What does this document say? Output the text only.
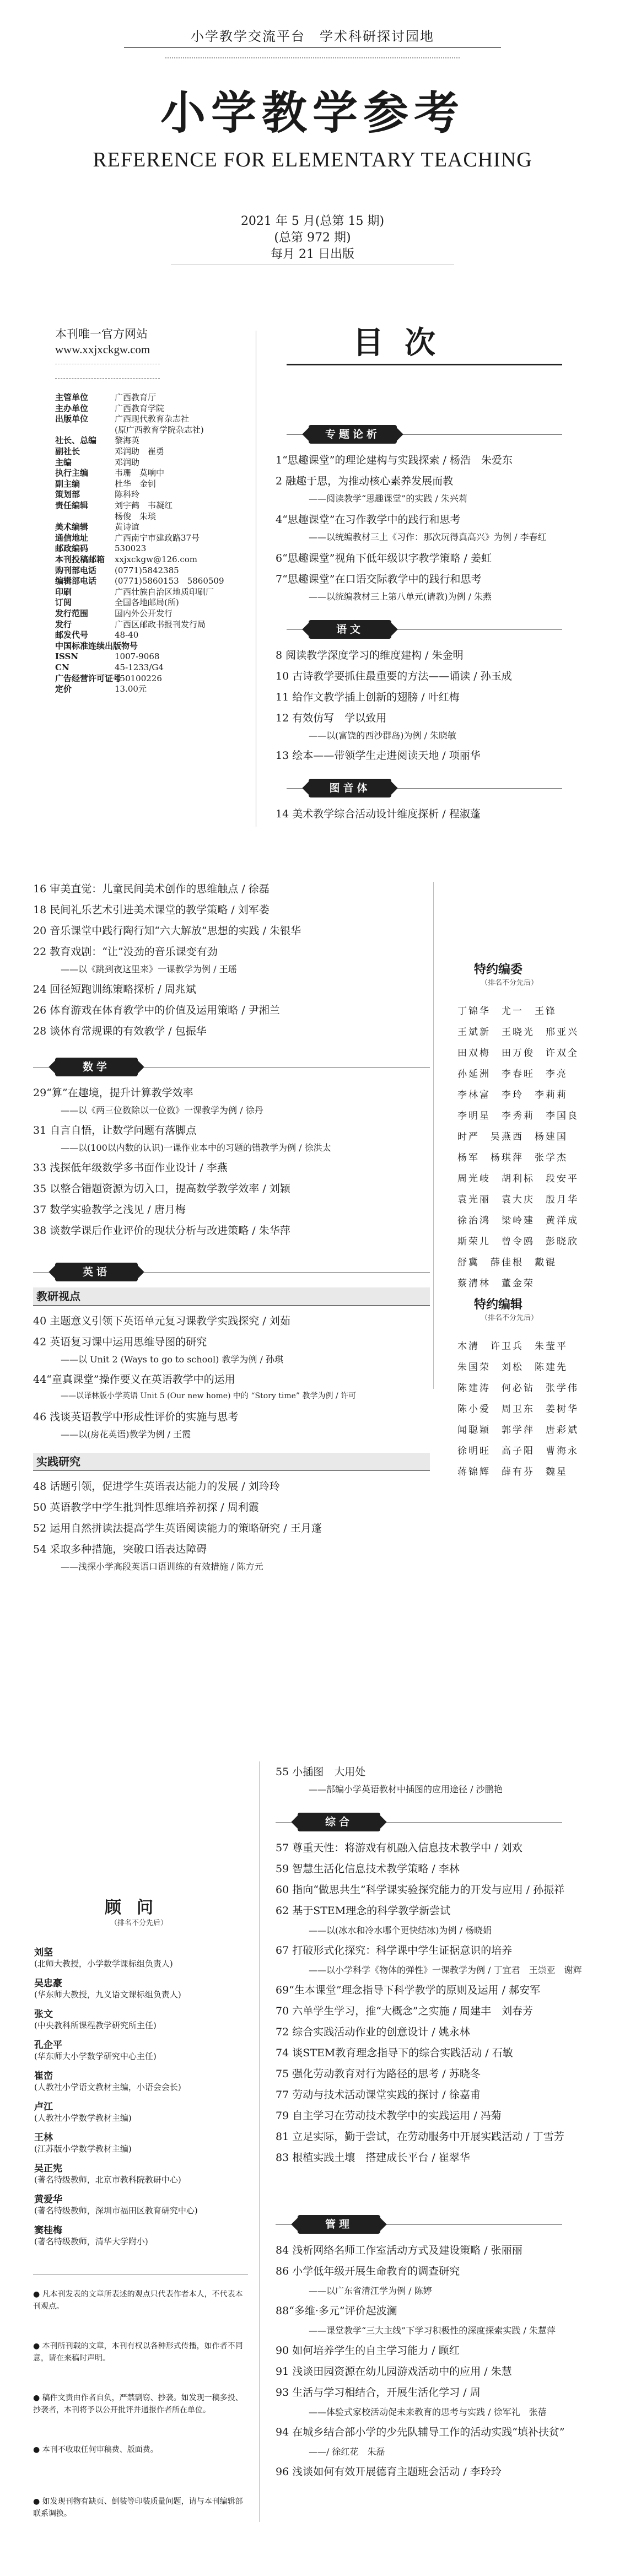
小学教学交流平台　学术科研探讨园地
小学教学参考
REFERENCE FOR ELEMENTARY TEACHING
2021 年 5 月(总第 15 期)
(总第 972 期)
每月 21 日出版
本刊唯一官方网站
www.xxjxckgw.com
主管单位	广西教育厅
主办单位	广西教育学院
出版单位	广西现代教育杂志社
(原广西教育学院杂志社)
社长、总编 黎海英
副社长	邓润助　崔勇
主编	邓润助
执行主编	韦珊　莫响中
副主编	杜华　金钊
策划部	陈科玲
责任编辑	刘宇鹤　韦凝红
杨俊　朱琰
美术编辑	黄诗谊
通信地址	广西南宁市建政路37号
邮政编码	530023
本刊投稿邮箱 xxjxckgw@126.com
购刊部电话 (0771)5842385
编辑部电话 (0771)5860153　5860509
印刷	广西壮族自治区地质印刷厂
订阅	全国各地邮局(所)
发行范围	国内外公开发行
发行	广西区邮政书报刊发行局
邮发代号	48-40
中国标准连续出版物号
ISSN	1007-9068
CN	45-1233/G4
广告经营许可证号450100226
定价	13.00元
目次
专题论析
1“思趣课堂”的理论建构与实践探索 / 杨浩　朱爱东
2 融趣于思，为推动核心素养发展而教
——阅读教学“思趣课堂”的实践 / 朱兴莉
4“思趣课堂”在习作教学中的践行和思考
——以统编教材三上《习作：那次玩得真高兴》为例 / 李春红
6“思趣课堂”视角下低年级识字教学策略 / 姜虹
7“思趣课堂”在口语交际教学中的践行和思考
——以统编教材三上第八单元(请教)为例 / 朱燕
语文
8 阅读教学深度学习的维度建构 / 朱金明
10 古诗教学要抓住最重要的方法——诵读 / 孙玉成
11 给作文教学插上创新的翅膀 / 叶红梅
12 有效仿写　学以致用
——以(富饶的西沙群岛)为例 / 朱晓敏
13 绘本——带领学生走进阅读天地 / 项丽华
图音体
14 美术教学综合活动设计维度探析 / 程淑蓬
16 审美直觉：儿童民间美术创作的思维触点 / 徐磊
18 民间礼乐艺术引进美术课堂的教学策略 / 刘军娄
20 音乐课堂中践行陶行知“六大解放”思想的实践 / 朱银华
22 教育戏剧：“让”没劲的音乐课变有劲
——以《跳到夜这里来》一课教学为例 / 王瑶
24 回径短跑训练策略探析 / 周兆斌
26 体育游戏在体育教学中的价值及运用策略 / 尹湘兰
28 谈体育常规课的有效教学 / 包振华
数学
29“算”在趣境，提升计算教学效率
——以《两三位数除以一位数》一课教学为例 / 徐丹
31 自言自悟，让数学问题有落脚点
——以(100以内数的认识)一课作业本中的习题的错教学为例 / 徐洪太
33 浅探低年级数学多书面作业设计 / 李燕
35 以整合错题资源为切入口，提高数学教学效率 / 刘颖
37 数学实验教学之浅见 / 唐月梅
38 谈数学课后作业评价的现状分析与改进策略 / 朱华萍
英语
教研视点
40 主题意义引领下英语单元复习课教学实践探究 / 刘茹
42 英语复习课中运用思维导图的研究
——以 Unit 2 (Ways to go to school) 教学为例 / 孙琪
44“童真课堂”操作要义在英语教学中的运用
——以译林版小学英语 Unit 5 (Our new home) 中的 “Story time” 教学为例 / 许可
46 浅谈英语教学中形成性评价的实施与思考
——以(房花英语)教学为例 / 王霞
实践研究
48 话题引领，促进学生英语表达能力的发展 / 刘玲玲
50 英语教学中学生批判性思维培养初探 / 周利霞
52 运用自然拼读法提高学生英语阅读能力的策略研究 / 王月蓬
54 采取多种措施，突破口语表达障碍
——浅探小学高段英语口语训练的有效措施 / 陈方元
特约编委
（排名不分先后）
丁锦华　尤一　王锋
王斌新　王晓光　邢亚兴
田双梅　田万俊　许双全
孙延洲　李春旺　李亮
李林富　李玲　李莉莉
李明星　李秀莉　李国良
时严　吴燕西　杨建国
杨军　杨琪萍　张学杰
周光岐　胡利标　段安平
袁光丽　袁大庆　殷月华
徐治鸿　梁岭建　黄洋成
斯荣儿　曾令鸥　彭晓欣
舒冀　薛佳根　戴锟
蔡清林　董金荣
特约编辑
（排名不分先后）
木清　许卫兵　朱莹平
朱国荣　刘松　陈建先
陈建涛　何必钻　张学伟
陈小爱　周卫东　姜树华
闻聪颖　郭学萍　唐彩斌
徐明旺　高子阳　曹海永
蒋锦辉　薛有芬　魏星
顾问
（排名不分先后）
刘坚
(北师大教授，小学数学课标组负责人)
吴忠豪
(华东师大教授，九义语文课标组负责人)
张文
(中央教科所课程教学研究所主任)
孔企平
(华东师大小学数学研究中心主任)
崔峦
(人教社小学语文教材主编，小语会会长)
卢江
(人教社小学数学教材主编)
王林
(江苏版小学数学教材主编)
吴正宪
(著名特级教师，北京市教科院教研中心)
黄爱华
(著名特级教师，深圳市福田区教育研究中心)
窦桂梅
(著名特级教师，清华大学附小)
● 凡本刊发表的文章所表述的观点只代表作者本人，不代表本刊观点。
● 本刊所刊载的文章，本刊有权以各种形式传播，如作者不同意，请在来稿时声明。
● 稿件文责由作者自负，严禁剽窃、抄袭。如发现一稿多投、抄袭者，本刊将予以公开批评并通报作者所在单位。
● 本刊不收取任何审稿费、版面费。
● 如发现刊物有缺页、倒装等印装质量问题，请与本刊编辑部联系调换。
55 小插图　大用处
——部编小学英语教材中插图的应用途径 / 沙鹏艳
综合
57 尊重天性：将游戏有机融入信息技术教学中 / 刘欢
59 智慧生活化信息技术教学策略 / 李林
60 指向“做思共生”科学课实验探究能力的开发与应用 / 孙振祥
62 基于STEM理念的科学教学新尝试
——以(冰水和冷水哪个更快结冰)为例 / 杨晓娟
67 打破形式化探究：科学课中学生证据意识的培养
——以小学科学《物体的弹性》一课教学为例 / 丁宜君　王崇亚　谢辉
69“生本课堂”理念指导下科学教学的原则及运用 / 郝安军
70 六单学生学习，推“大概念”之实施 / 周建丰　刘春芳
72 综合实践活动作业的创意设计 / 姚永林
74 谈STEM教育理念指导下的综合实践活动 / 石敏
75 强化劳动教育对行为路径的思考 / 苏晓冬
77 劳动与技术活动课堂实践的探讨 / 徐嘉甫
79 自主学习在劳动技术教学中的实践运用 / 冯菊
81 立足实际，勤于尝试，在劳动服务中开展实践活动 / 丁雪芳
83 根植实践土壤　搭建成长平台 / 崔翠华
管理
84 浅析网络名师工作室活动方式及建设策略 / 张丽丽
86 小学低年级开展生命教育的调查研究
——以广东省清江学为例 / 陈婷
88“多维·多元”评价起波澜
——课堂教学“三大主线”下学习积极性的深度探索实践 / 朱慧萍
90 如何培养学生的自主学习能力 / 顾红
91 浅谈田园资源在幼儿园游戏活动中的应用 / 朱慧
93 生活与学习相结合，开展生活化学习 / 周
——体验式家校活动促未来教育的思考与实践 / 徐军礼　张蓓
94 在城乡结合部小学的少先队辅导工作的活动实践“填补扶贫”
——/ 徐红花　朱磊
96 浅谈如何有效开展德育主题班会活动 / 李玲玲
